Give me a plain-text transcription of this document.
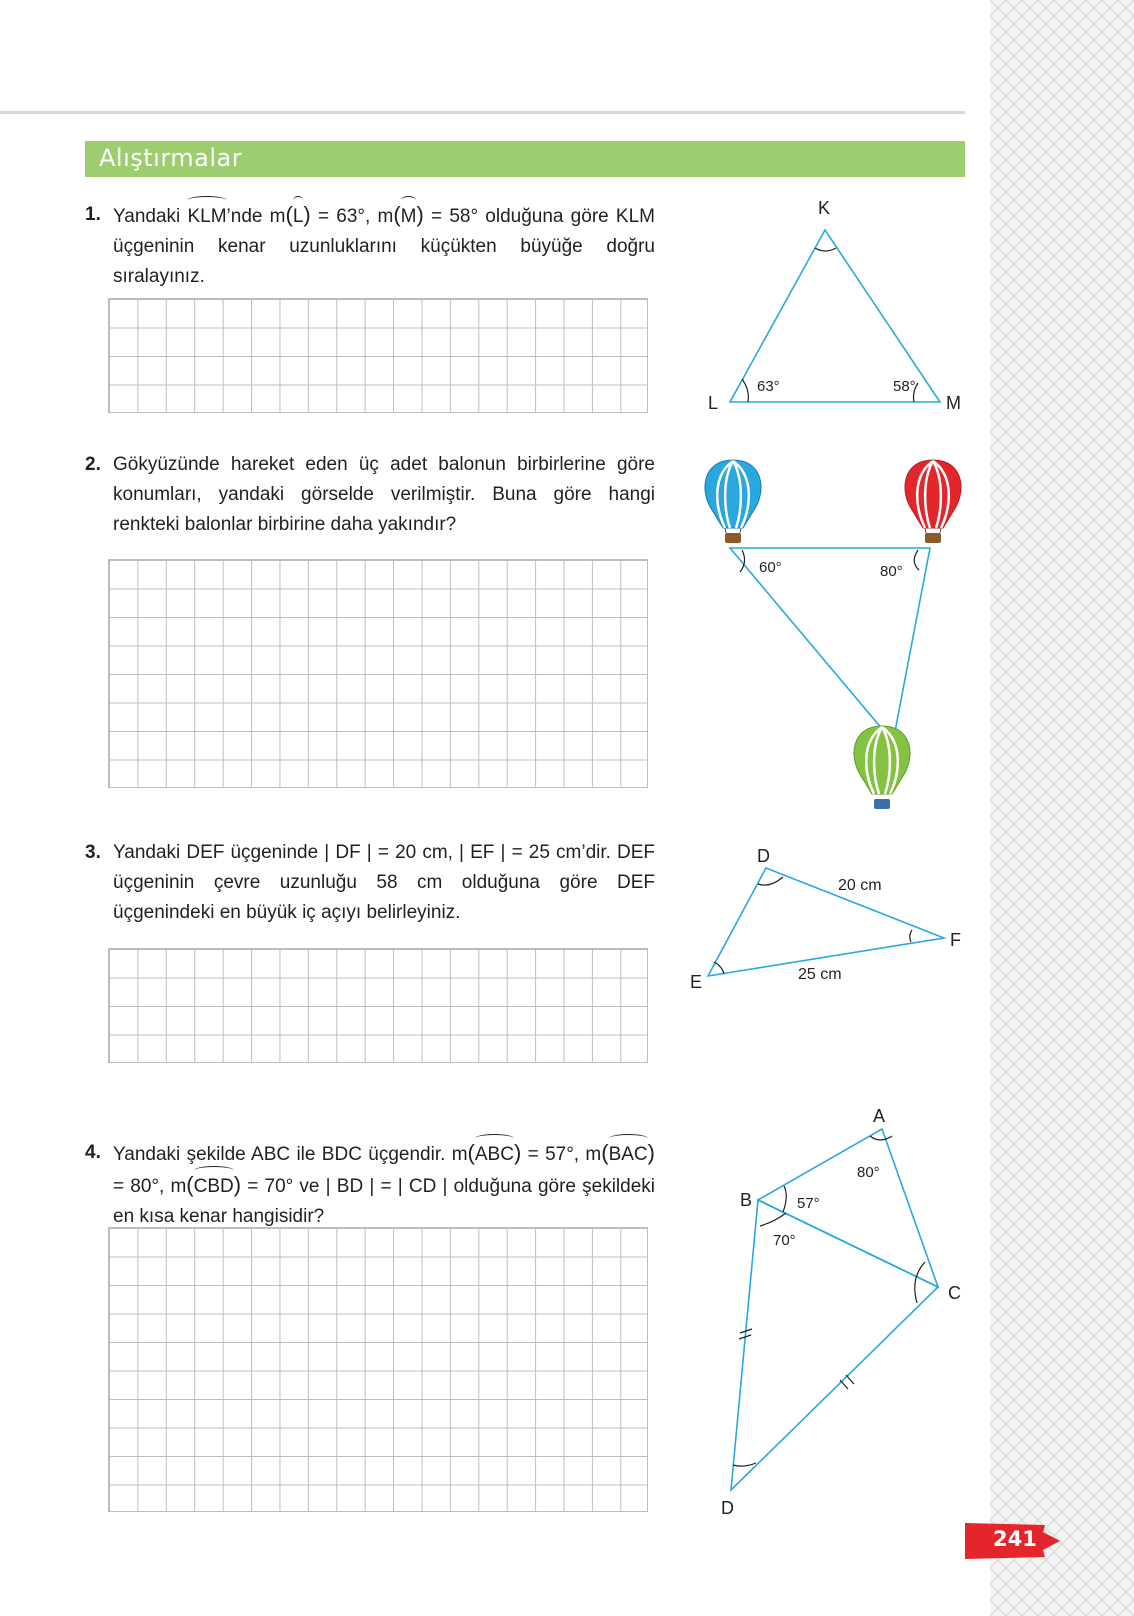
Alıştırmalar
1. Yandaki KLM’nde m(L) = 63°, m(M) = 58° olduğuna göre KLM üçgeninin kenar uzunluklarını küçükten büyüğe doğru sıralayınız.
2. Gökyüzünde hareket eden üç adet balonun birbirlerine göre konumları, yandaki görselde verilmiştir. Buna göre hangi renkteki balonlar birbirine daha yakındır?
3. Yandaki DEF üçgeninde | DF | = 20 cm, | EF | = 25 cm’dir. DEF üçgeninin çevre uzunluğu 58 cm olduğuna göre DEF üçgenindeki en büyük iç açıyı belirleyiniz.
4. Yandaki şekilde ABC ile BDC üçgendir. m(ABC) = 57°, m(BAC) = 80°, m(CBD) = 70° ve | BD | = | CD | olduğuna göre şekildeki en kısa kenar hangisidir?
K
L	M
63°	58°
60°	80°
D
E
F
20 cm
25 cm
A
B
C
D
80°
57°
70°
241
